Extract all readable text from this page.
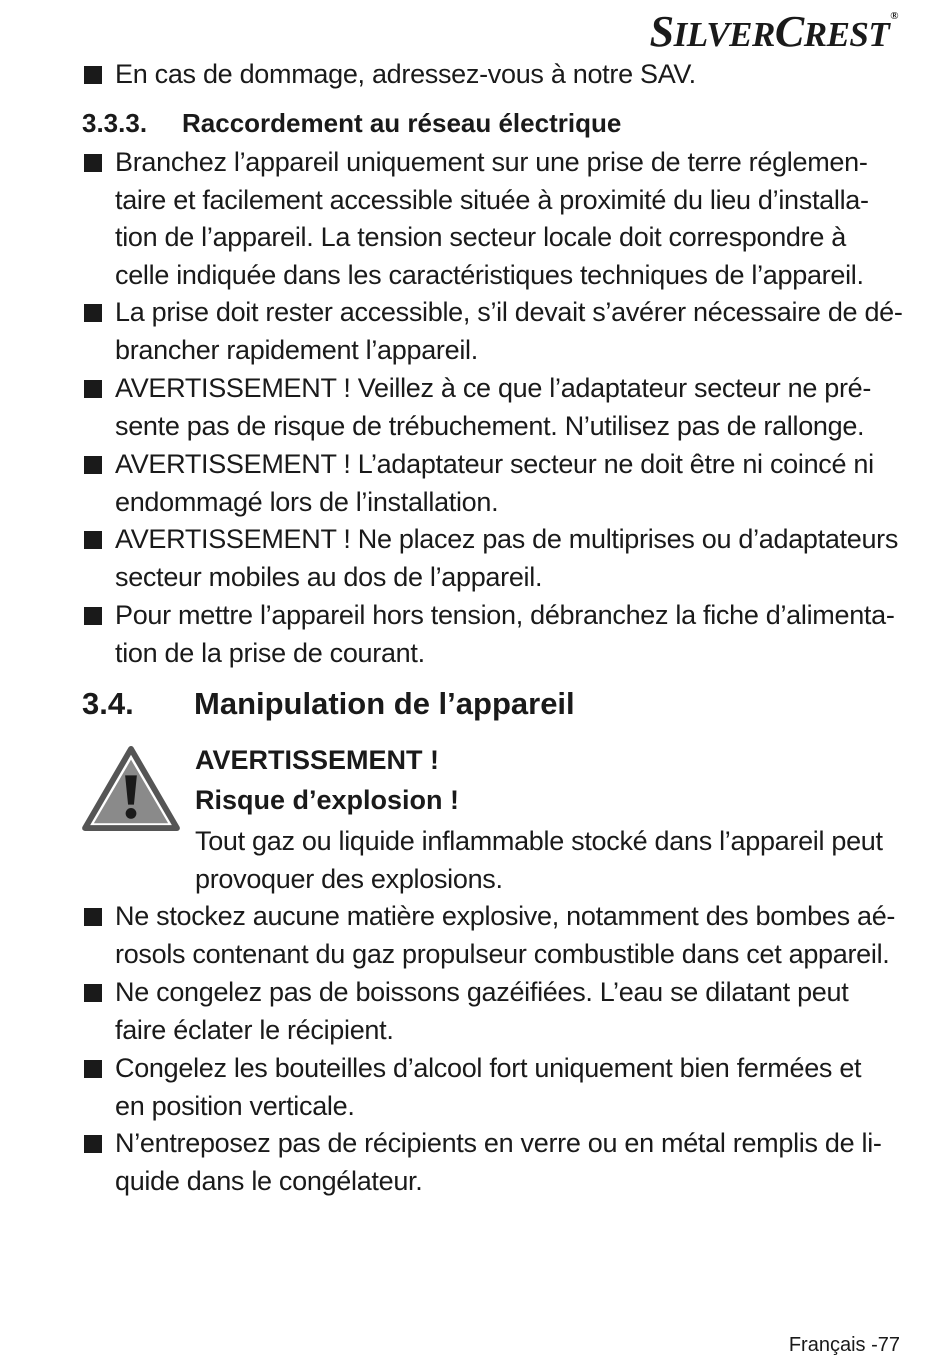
SILVERCREST®
En cas de dommage, adressez-vous à notre SAV.
3.3.3. Raccordement au réseau électrique
Branchez l’appareil uniquement sur une prise de terre réglemen-
taire et facilement accessible située à proximité du lieu d’installa-
tion de l’appareil. La tension secteur locale doit correspondre à
celle indiquée dans les caractéristiques techniques de l’appareil.
La prise doit rester accessible, s’il devait s’avérer nécessaire de dé-
brancher rapidement l’appareil.
AVERTISSEMENT ! Veillez à ce que l’adaptateur secteur ne pré-
sente pas de risque de trébuchement. N’utilisez pas de rallonge.
AVERTISSEMENT ! L’adaptateur secteur ne doit être ni coincé ni
endommagé lors de l’installation.
AVERTISSEMENT ! Ne placez pas de multiprises ou d’adaptateurs
secteur mobiles au dos de l’appareil.
Pour mettre l’appareil hors tension, débranchez la fiche d’alimenta-
tion de la prise de courant.
3.4. Manipulation de l’appareil
AVERTISSEMENT !
Risque d’explosion !
Tout gaz ou liquide inflammable stocké dans l’appareil peut
provoquer des explosions.
Ne stockez aucune matière explosive, notamment des bombes aé-
rosols contenant du gaz propulseur combustible dans cet appareil.
Ne congelez pas de boissons gazéifiées. L’eau se dilatant peut
faire éclater le récipient.
Congelez les bouteilles d’alcool fort uniquement bien fermées et
en position verticale.
N’entreposez pas de récipients en verre ou en métal remplis de li-
quide dans le congélateur.
Français -77
